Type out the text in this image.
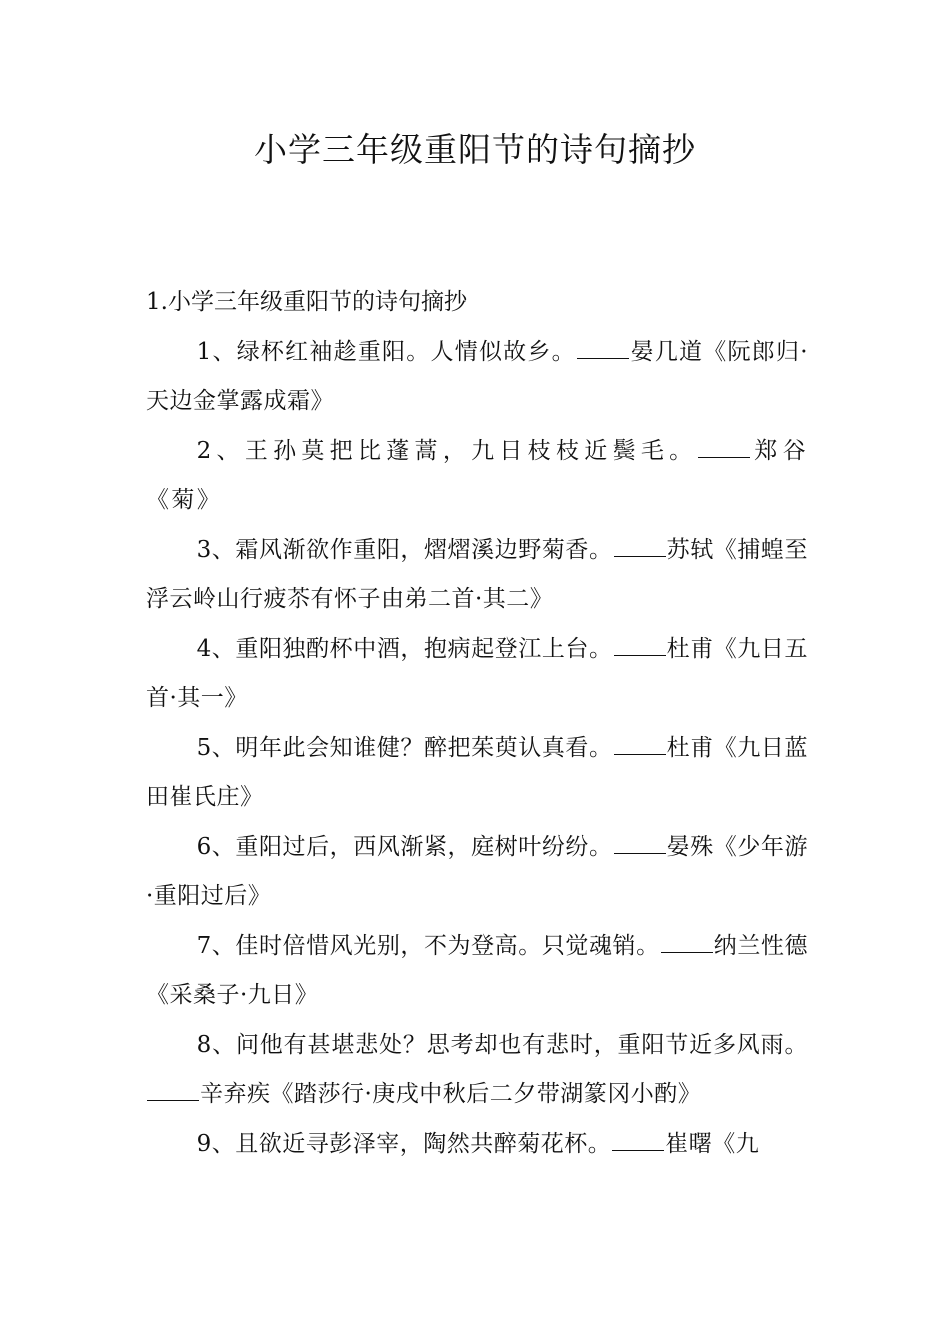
小学三年级重阳节的诗句摘抄

1.小学三年级重阳节的诗句摘抄

1、绿杯红袖趁重阳。人情似故乡。 晏几道《阮郎归·天边金掌露成霜》

2、王孙莫把比蓬蒿，九日枝枝近鬓毛。 郑谷《菊》

3、霜风渐欲作重阳，熠熠溪边野菊香。 苏轼《捕蝗至浮云岭山行疲苶有怀子由弟二首·其二》

4、重阳独酌杯中酒，抱病起登江上台。 杜甫《九日五首·其一》

5、明年此会知谁健？醉把茱萸认真看。 杜甫《九日蓝田崔氏庄》

6、重阳过后，西风渐紧，庭树叶纷纷。 晏殊《少年游·重阳过后》

7、佳时倍惜风光别，不为登高。只觉魂销。 纳兰性德《采桑子·九日》

8、问他有甚堪悲处？思考却也有悲时，重阳节近多风雨。辛弃疾《踏莎行·庚戌中秋后二夕带湖篆冈小酌》

9、且欲近寻彭泽宰，陶然共醉菊花杯。 崔曙《九
